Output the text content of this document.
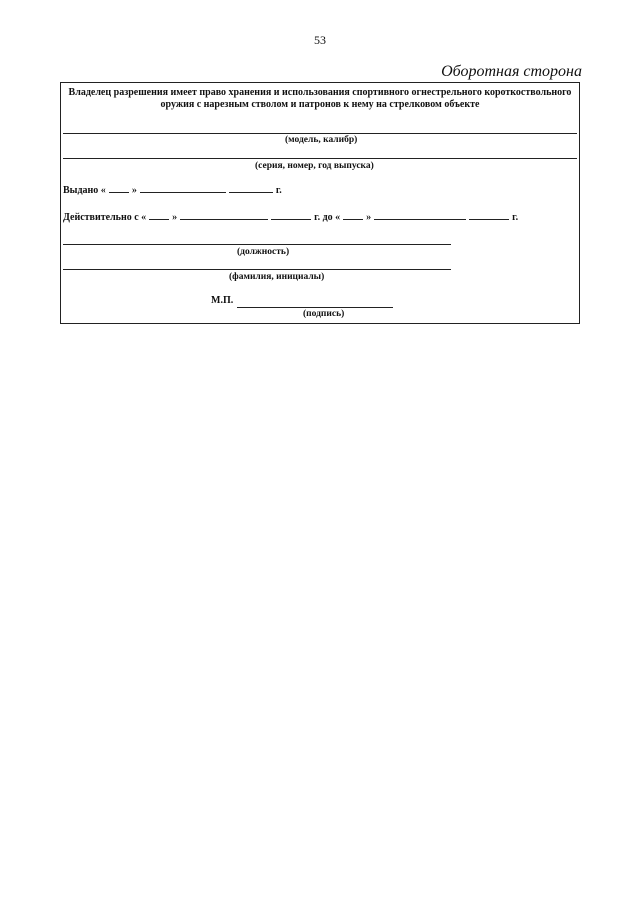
53
Оборотная сторона
Владелец разрешения имеет право хранения и использования спортивного огнестрельного короткоствольного оружия с нарезным стволом и патронов к нему на стрелковом объекте
(модель, калибр)
(серия, номер, год выпуска)
Выдано «	»	г.
Действительно с «	»	г. до «	»	г.
(должность)
(фамилия, инициалы)
М.П.
(подпись)
